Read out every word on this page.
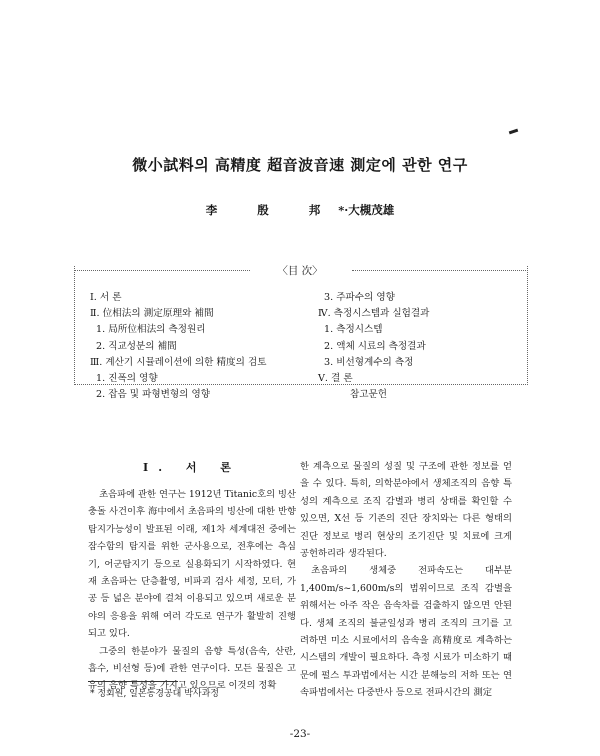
微小試料의 高精度 超音波音速 測定에 관한 연구
李 殷 邦*·大槻茂雄
〈目 次〉
Ⅰ. 서 론
Ⅱ. 位相法의 測定原理와 補間
1. 局所位相法의 측정원리
2. 직교성분의 補間
Ⅲ. 계산기 시뮬레이션에 의한 精度의 검토
1. 진폭의 영향
2. 잡음 및 파형변형의 영향
3. 주파수의 영향
Ⅳ. 측정시스템과 실험결과
1. 측정시스템
2. 액체 시료의 측정결과
3. 비선형계수의 측정
Ⅴ. 결 론
참고문헌
Ⅰ. 서 론

초음파에 관한 연구는 1912년 Titanic호의 빙산충돌 사건이후 海中에서 초음파의 빙산에 대한 반향 탐지가능성이 발표된 이래, 제1차 세계대전 중에는 잠수함의 탐지를 위한 군사용으로, 전후에는 측심기, 어군탐지기 등으로 실용화되기 시작하였다. 현재 초음파는 단층촬영, 비파괴 검사 세정, 모터, 가공 등 넓은 분야에 걸쳐 이용되고 있으며 새로운 분야의 응용을 위해 여러 각도로 연구가 활발히 진행되고 있다.

그중의 한분야가 물질의 음향 특성(음속, 산란, 흡수, 비선형 등)에 관한 연구이다. 모든 물질은 고유의 음향 특성을 가지고 있으므로 이것의 정확

한 계측으로 물질의 성질 및 구조에 관한 정보를 얻을 수 있다. 특히, 의학분야에서 생체조직의 음향 특성의 계측으로 조직 감별과 병리 상태를 확인할 수 있으면, X선 등 기존의 진단 장치와는 다른 형태의 진단 정보로 병리 현상의 조기진단 및 치료에 크게 공헌하리라 생각된다.

초음파의 생체중 전파속도는 대부분 1,400m/s~1,600m/s의 범위이므로 조직 감별을 위해서는 아주 작은 음속차를 검출하지 않으면 안된다. 생체 조직의 불균일성과 병리 조직의 크기를 고려하면 미소 시료에서의 음속을 高精度로 계측하는 시스템의 개발이 필요하다. 측정 시료가 미소하기 때문에 펄스 투과법에서는 시간 분해능의 저하 또는 연속파법에서는 다중반사 등으로 전파시간의 測定

* 정회원, 일본동경공대 박사과정
-23-
